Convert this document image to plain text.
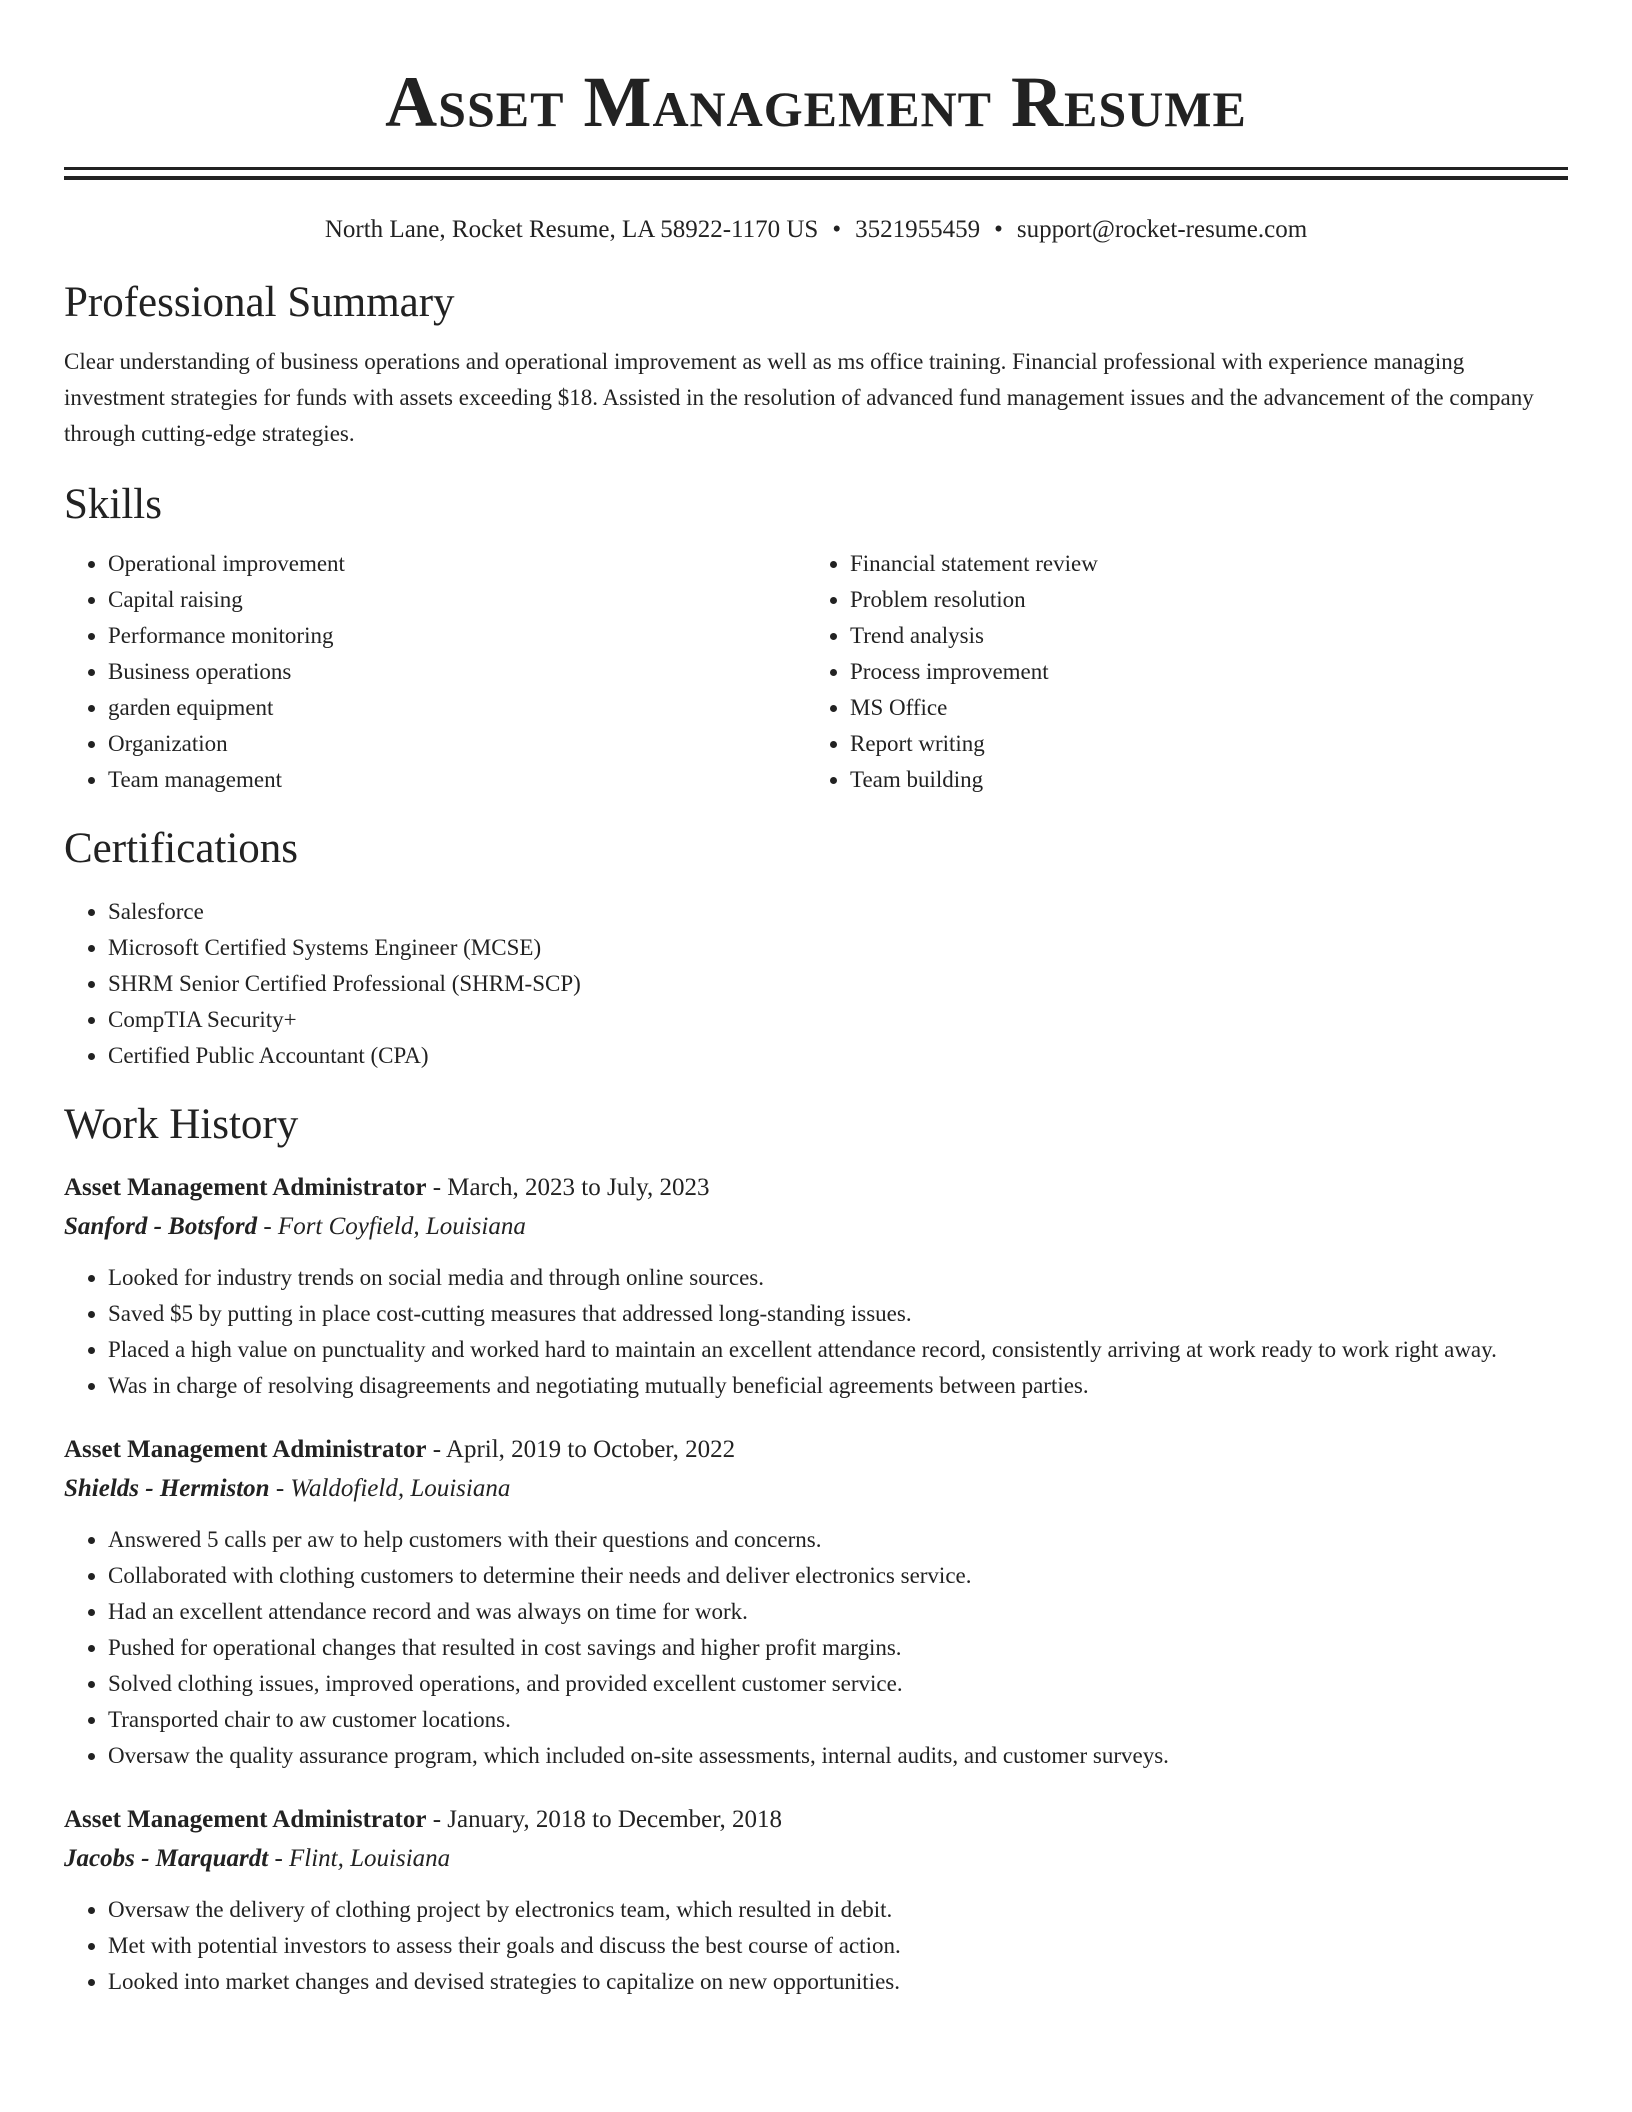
Asset Management Resume
North Lane, Rocket Resume, LA 58922-1170 US • 3521955459 • support@rocket-resume.com
Professional Summary
Clear understanding of business operations and operational improvement as well as ms office training. Financial professional with experience managing investment strategies for funds with assets exceeding $18. Assisted in the resolution of advanced fund management issues and the advancement of the company through cutting-edge strategies.
Skills
• Operational improvement
• Capital raising
• Performance monitoring
• Business operations
• garden equipment
• Organization
• Team management
• Financial statement review
• Problem resolution
• Trend analysis
• Process improvement
• MS Office
• Report writing
• Team building
Certifications
• Salesforce
• Microsoft Certified Systems Engineer (MCSE)
• SHRM Senior Certified Professional (SHRM-SCP)
• CompTIA Security+
• Certified Public Accountant (CPA)
Work History
Asset Management Administrator - March, 2023 to July, 2023
Sanford - Botsford - Fort Coyfield, Louisiana
• Looked for industry trends on social media and through online sources.
• Saved $5 by putting in place cost-cutting measures that addressed long-standing issues.
• Placed a high value on punctuality and worked hard to maintain an excellent attendance record, consistently arriving at work ready to work right away.
• Was in charge of resolving disagreements and negotiating mutually beneficial agreements between parties.
Asset Management Administrator - April, 2019 to October, 2022
Shields - Hermiston - Waldofield, Louisiana
• Answered 5 calls per aw to help customers with their questions and concerns.
• Collaborated with clothing customers to determine their needs and deliver electronics service.
• Had an excellent attendance record and was always on time for work.
• Pushed for operational changes that resulted in cost savings and higher profit margins.
• Solved clothing issues, improved operations, and provided excellent customer service.
• Transported chair to aw customer locations.
• Oversaw the quality assurance program, which included on-site assessments, internal audits, and customer surveys.
Asset Management Administrator - January, 2018 to December, 2018
Jacobs - Marquardt - Flint, Louisiana
• Oversaw the delivery of clothing project by electronics team, which resulted in debit.
• Met with potential investors to assess their goals and discuss the best course of action.
• Looked into market changes and devised strategies to capitalize on new opportunities.
